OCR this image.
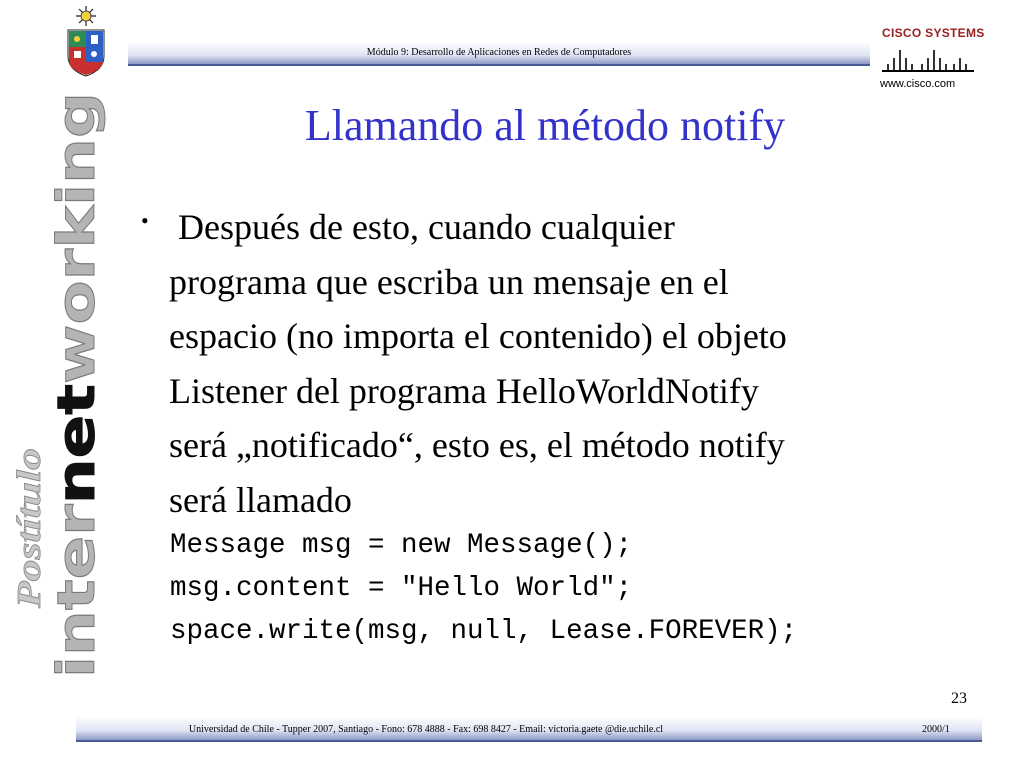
Módulo 9: Desarrollo de Aplicaciones en Redes de Computadores
CISCO SYSTEMS
www.cisco.com
internetworking
Postítulo
Llamando al método notify
• Después de esto, cuando cualquier
programa que escriba un mensaje en el
espacio (no importa el contenido) el objeto
Listener del programa HelloWorldNotify
será „notificado“, esto es, el método notify
será llamado
Message msg = new Message();
msg.content = "Hello World";
space.write(msg, null, Lease.FOREVER);
23
Universidad de Chile - Tupper 2007, Santiago - Fono: 678 4888 - Fax: 698 8427 - Email: victoria.gaete @die.uchile.cl	2000/1
